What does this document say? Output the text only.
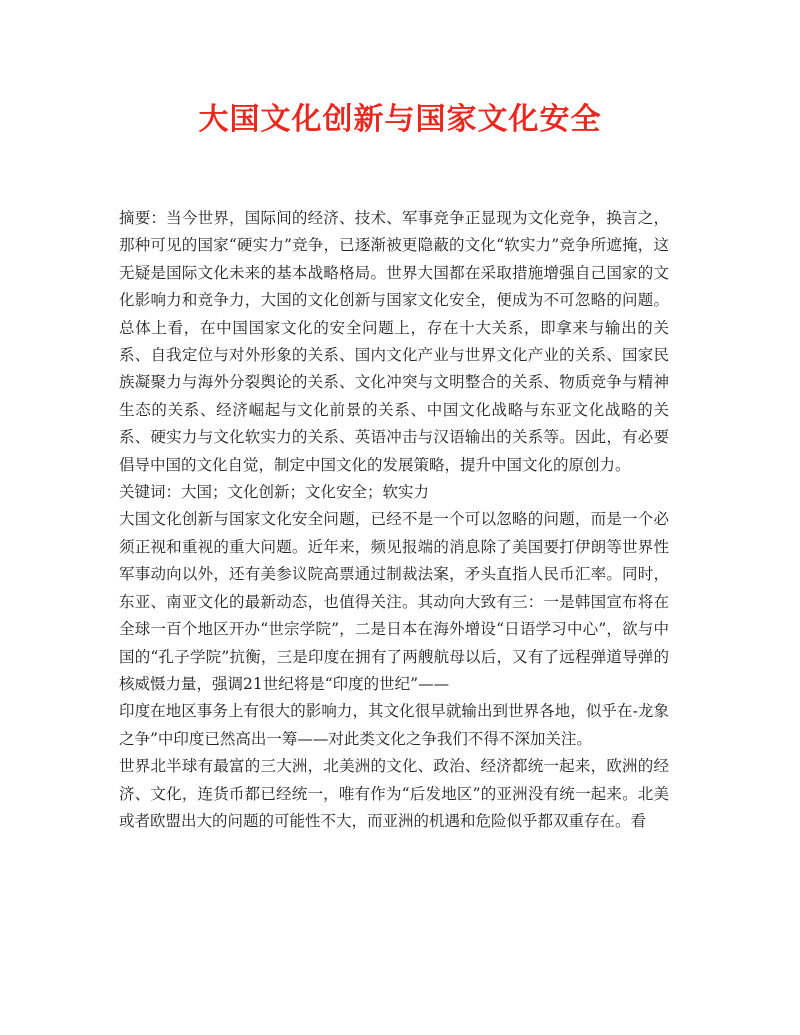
大国文化创新与国家文化安全

摘要：当今世界，国际间的经济、技术、军事竞争正显现为文化竞争，换言之，那种可见的国家“硬实力”竞争，已逐渐被更隐蔽的文化“软实力”竞争所遮掩，这无疑是国际文化未来的基本战略格局。世界大国都在采取措施增强自己国家的文化影响力和竞争力，大国的文化创新与国家文化安全，便成为不可忽略的问题。总体上看，在中国国家文化的安全问题上，存在十大关系，即拿来与输出的关系、自我定位与对外形象的关系、国内文化产业与世界文化产业的关系、国家民族凝聚力与海外分裂舆论的关系、文化冲突与文明整合的关系、物质竞争与精神生态的关系、经济崛起与文化前景的关系、中国文化战略与东亚文化战略的关系、硬实力与文化软实力的关系、英语冲击与汉语输出的关系等。因此，有必要倡导中国的文化自觉，制定中国文化的发展策略，提升中国文化的原创力。

关键词：大国；文化创新；文化安全；软实力

大国文化创新与国家文化安全问题，已经不是一个可以忽略的问题，而是一个必须正视和重视的重大问题。近年来，频见报端的消息除了美国要打伊朗等世界性军事动向以外，还有美参议院高票通过制裁法案，矛头直指人民币汇率。同时，东亚、南亚文化的最新动态，也值得关注。其动向大致有三：一是韩国宣布将在全球一百个地区开办“世宗学院”，二是日本在海外增设“日语学习中心”，欲与中国的“孔子学院”抗衡，三是印度在拥有了两艘航母以后，又有了远程弹道导弹的核威慑力量，强调21世纪将是“印度的世纪”——

印度在地区事务上有很大的影响力，其文化很早就输出到世界各地，似乎在-龙象之争”中印度已然高出一筹——对此类文化之争我们不得不深加关注。

世界北半球有最富的三大洲，北美洲的文化、政治、经济都统一起来，欧洲的经济、文化，连货币都已经统一，唯有作为“后发地区”的亚洲没有统一起来。北美或者欧盟出大的问题的可能性不大，而亚洲的机遇和危险似乎都双重存在。看
